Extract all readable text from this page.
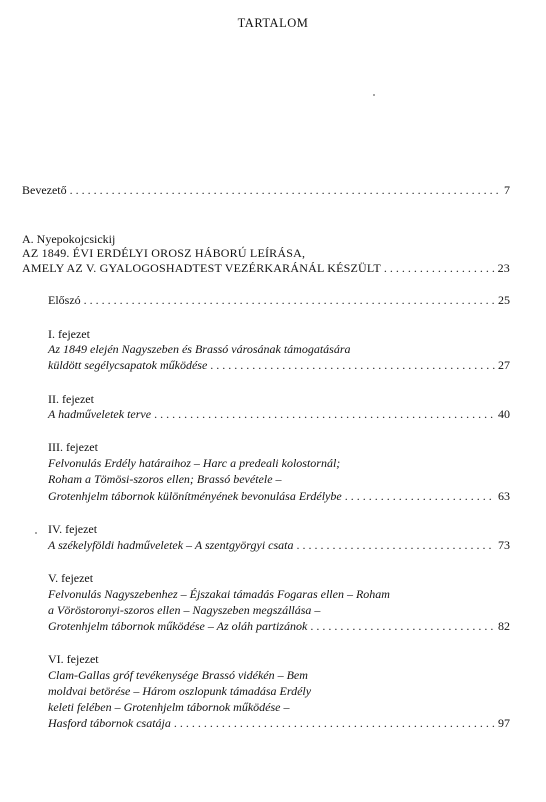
TARTALOM
Bevezető . . .	7
A. Nyepokojcsickij
AZ 1849. ÉVI ERDÉLYI OROSZ HÁBORÚ LEÍRÁSA,
AMELY AZ V. GYALOGOSHADTEST VEZÉRKARÁNÁL KÉSZÜLT . . .	23
Előszó . . .	25
I. fejezet
Az 1849 elején Nagyszeben és Brassó városának támogatására
küldött segélycsapatok működése . . .	27
II. fejezet
A hadműveletek terve . . .	40
III. fejezet
Felvonulás Erdély határaihoz – Harc a predeali kolostornál;
Roham a Tömösi-szoros ellen; Brassó bevétele –
Grotenhjelm tábornok különítményének bevonulása Erdélybe . . .	63
IV. fejezet
A székelyföldi hadműveletek – A szentgyörgyi csata . . .	73
V. fejezet
Felvonulás Nagyszebenhez – Éjszakai támadás Fogaras ellen – Roham
a Vöröstoronyi-szoros ellen – Nagyszeben megszállása –
Grotenhjelm tábornok működése – Az oláh partizánok . . .	82
VI. fejezet
Clam-Gallas gróf tevékenysége Brassó vidékén – Bem
moldvai betörése – Három oszlopunk támadása Erdély
keleti felében – Grotenhjelm tábornok működése –
Hasford tábornok csatája . . .	97
